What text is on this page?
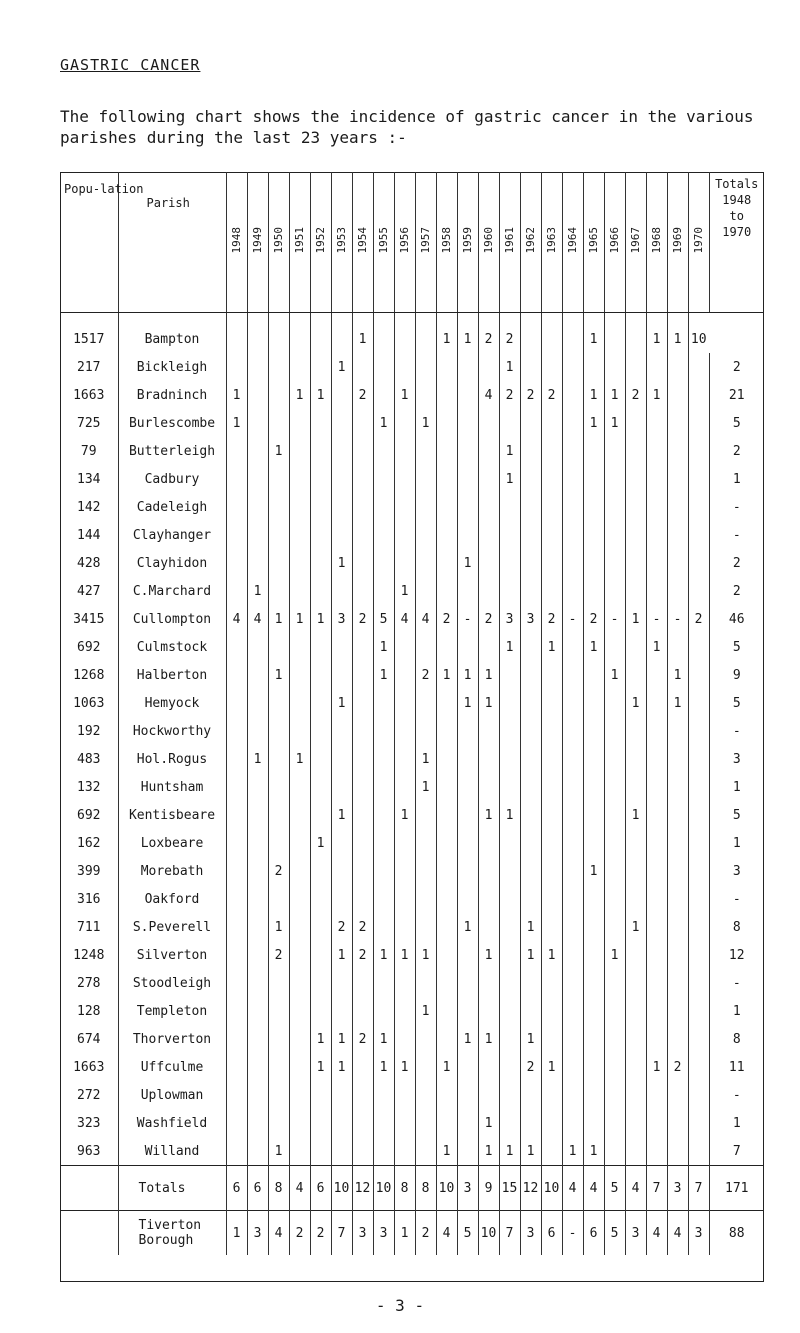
GASTRIC CANCER
The following chart shows the incidence of gastric cancer in the various parishes during the last 23 years :-
Popu-lation	Parish	1948	1949	1950	1951	1952	1953	1954	1955	1956	1957	1958	1959	1960	1961	1962	1963	1964	1965	1966	1967	1968	1969	1970	Totals
1948
to
1970

1517	Bampton							1				1	1	2	2				1			1	1	10	
217	Bickleigh						1								1										2
1663	Bradninch	1			1	1		2		1				4	2	2	2		1	1	2	1			21
725	Burlescombe	1							1		1								1	1					5
79	Butterleigh			1											1										2
134	Cadbury														1										1
142	Cadeleigh																								-
144	Clayhanger																								-
428	Clayhidon						1						1												2
427	C.Marchard		1							1															2
3415	Cullompton	4	4	1	1	1	3	2	5	4	4	2	-	2	3	3	2	-	2	-	1	-	-	2	46
692	Culmstock								1						1		1		1			1			5
1268	Halberton			1					1		2	1	1	1						1			1		9
1063	Hemyock						1						1	1							1		1		5
192	Hockworthy																								-
483	Hol.Rogus		1		1						1														3
132	Huntsham										1														1
692	Kentisbeare						1			1				1	1						1				5
162	Loxbeare					1																			1
399	Morebath			2															1						3
316	Oakford																								-
711	S.Peverell			1			2	2					1			1					1				8
1248	Silverton			2			1	2	1	1	1			1		1	1			1					12
278	Stoodleigh																								-
128	Templeton										1														1
674	Thorverton					1	1	2	1				1	1		1									8
1663	Uffculme					1	1		1	1		1				2	1					1	2		11
272	Uplowman																								-
323	Washfield													1											1
963	Willand			1								1		1	1	1		1	1						7
	Totals	6	6	8	4	6	10	12	10	8	8	10	3	9	15	12	10	4	4	5	4	7	3	7	171
	Tiverton Borough	1	3	4	2	2	7	3	3	1	2	4	5	10	7	3	6	-	6	5	3	4	4	3	88
- 3 -
